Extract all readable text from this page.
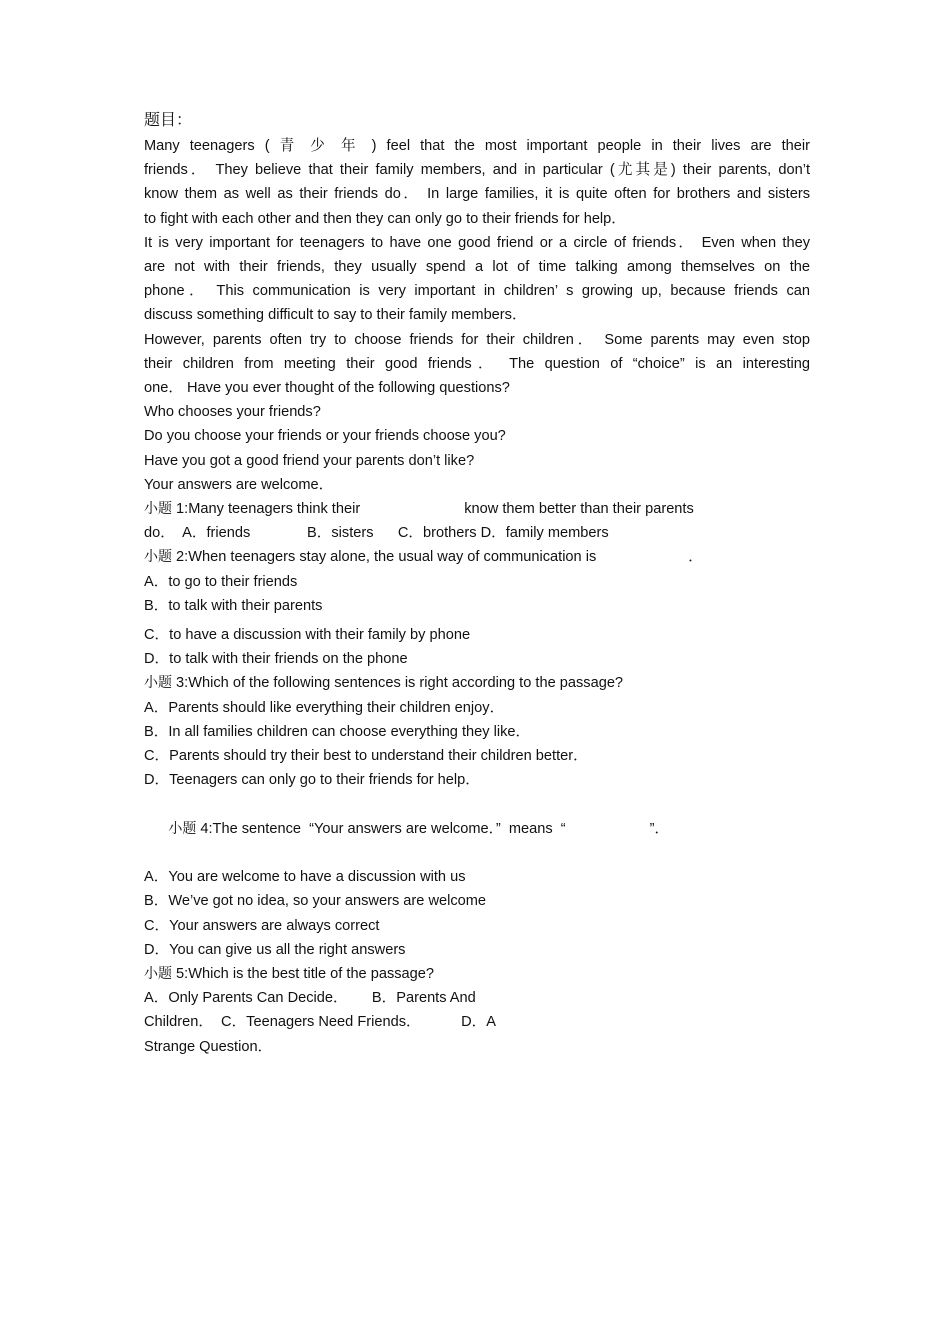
题目：
Many teenagers ( 青 少 年 ) feel that the most important people in their lives are their
friends． They believe that their family members, and in particular (尤其是) their parents, don’t
know them as well as their friends do． In large families, it is quite often for brothers and sisters
to fight with each other and then they can only go to their friends for help．
It is very important for teenagers to have one good friend or a circle of friends． Even when they
are not with their friends, they usually spend a lot of time talking among themselves on the
phone． This communication is very important in children’ s growing up, because friends can
discuss something difficult to say to their family members．
However, parents often try to choose friends for their children． Some parents may even stop
their children from meeting their good friends． The question of “choice” is an interesting
one． Have you ever thought of the following questions?
Who chooses your friends?
Do you choose your friends or your friends choose you?
Have you got a good friend your parents don’t like?
Your answers are welcome．
小题 1:Many teenagers think their	know them better than their parents
do．  A．friends              B．sisters      C．brothers D．family members
小题 2:When teenagers stay alone, the usual way of communication is	．
A．to go to their friends
B．to talk with their parents
C．to have a discussion with their family by phone
D．to talk with their friends on the phone
小题 3:Which of the following sentences is right according to the passage?
A．Parents should like everything their children enjoy．
B．In all families children can choose everything they like．
C．Parents should try their best to understand their children better．
D．Teenagers can only go to their friends for help．

小题 4:The sentence  “Your answers are welcome．”  means  “	”．

A．You are welcome to have a discussion with us
B．We’ve got no idea, so your answers are welcome
C．Your answers are always correct
D．You can give us all the right answers
小题 5:Which is the best title of the passage?
A．Only Parents Can Decide．      B．Parents And
Children．  C．Teenagers Need Friends．          D．A
Strange Question．
